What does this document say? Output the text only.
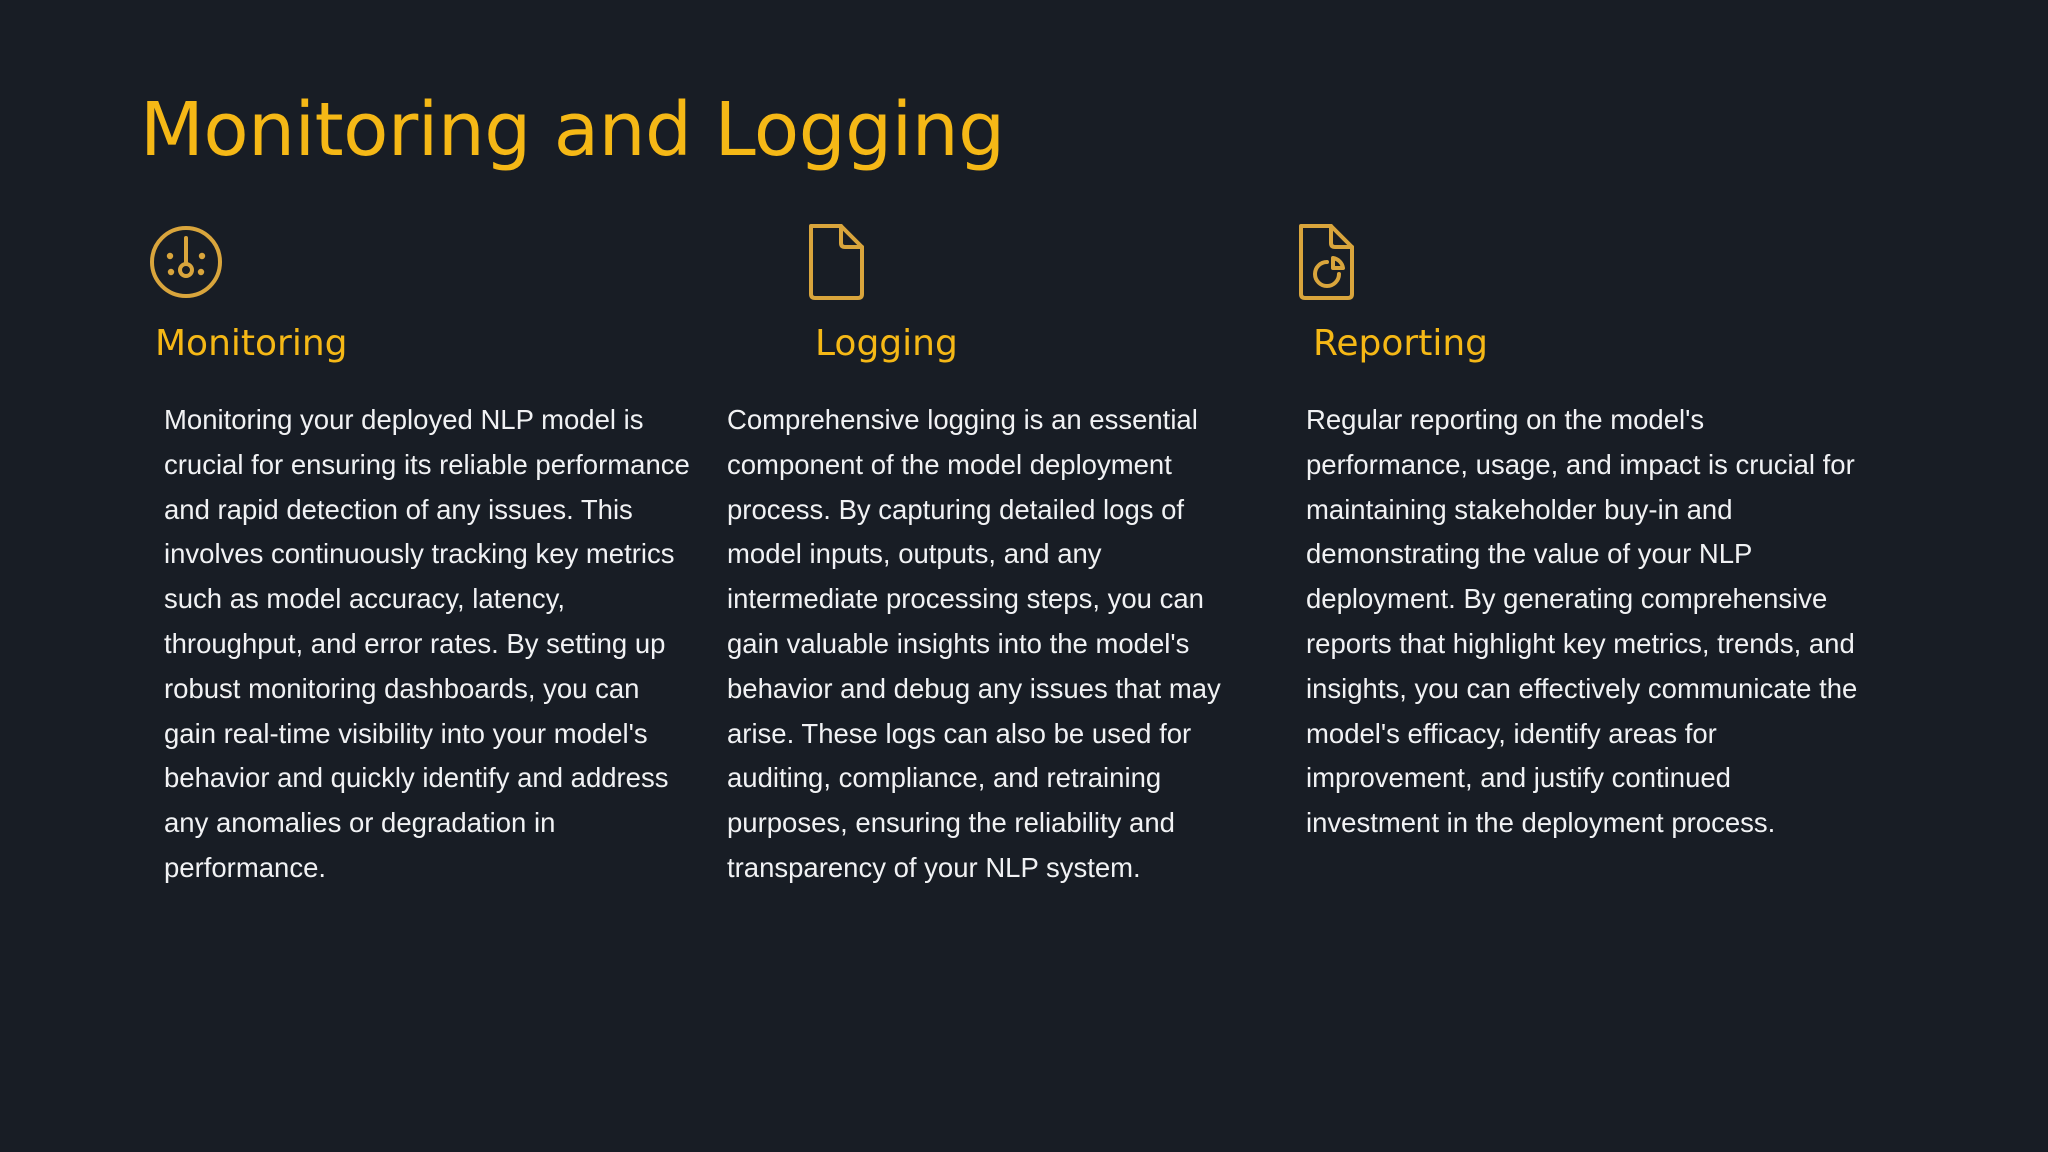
Monitoring and Logging
Monitoring

Monitoring your deployed NLP model is crucial for ensuring its reliable performance and rapid detection of any issues. This involves continuously tracking key metrics such as model accuracy, latency, throughput, and error rates. By setting up robust monitoring dashboards, you can gain real-time visibility into your model's behavior and quickly identify and address any anomalies or degradation in performance.

Logging

Comprehensive logging is an essential component of the model deployment process. By capturing detailed logs of model inputs, outputs, and any intermediate processing steps, you can gain valuable insights into the model's behavior and debug any issues that may arise. These logs can also be used for auditing, compliance, and retraining purposes, ensuring the reliability and transparency of your NLP system.

Reporting

Regular reporting on the model's performance, usage, and impact is crucial for maintaining stakeholder buy-in and demonstrating the value of your NLP deployment. By generating comprehensive reports that highlight key metrics, trends, and insights, you can effectively communicate the model's efficacy, identify areas for improvement, and justify continued investment in the deployment process.
